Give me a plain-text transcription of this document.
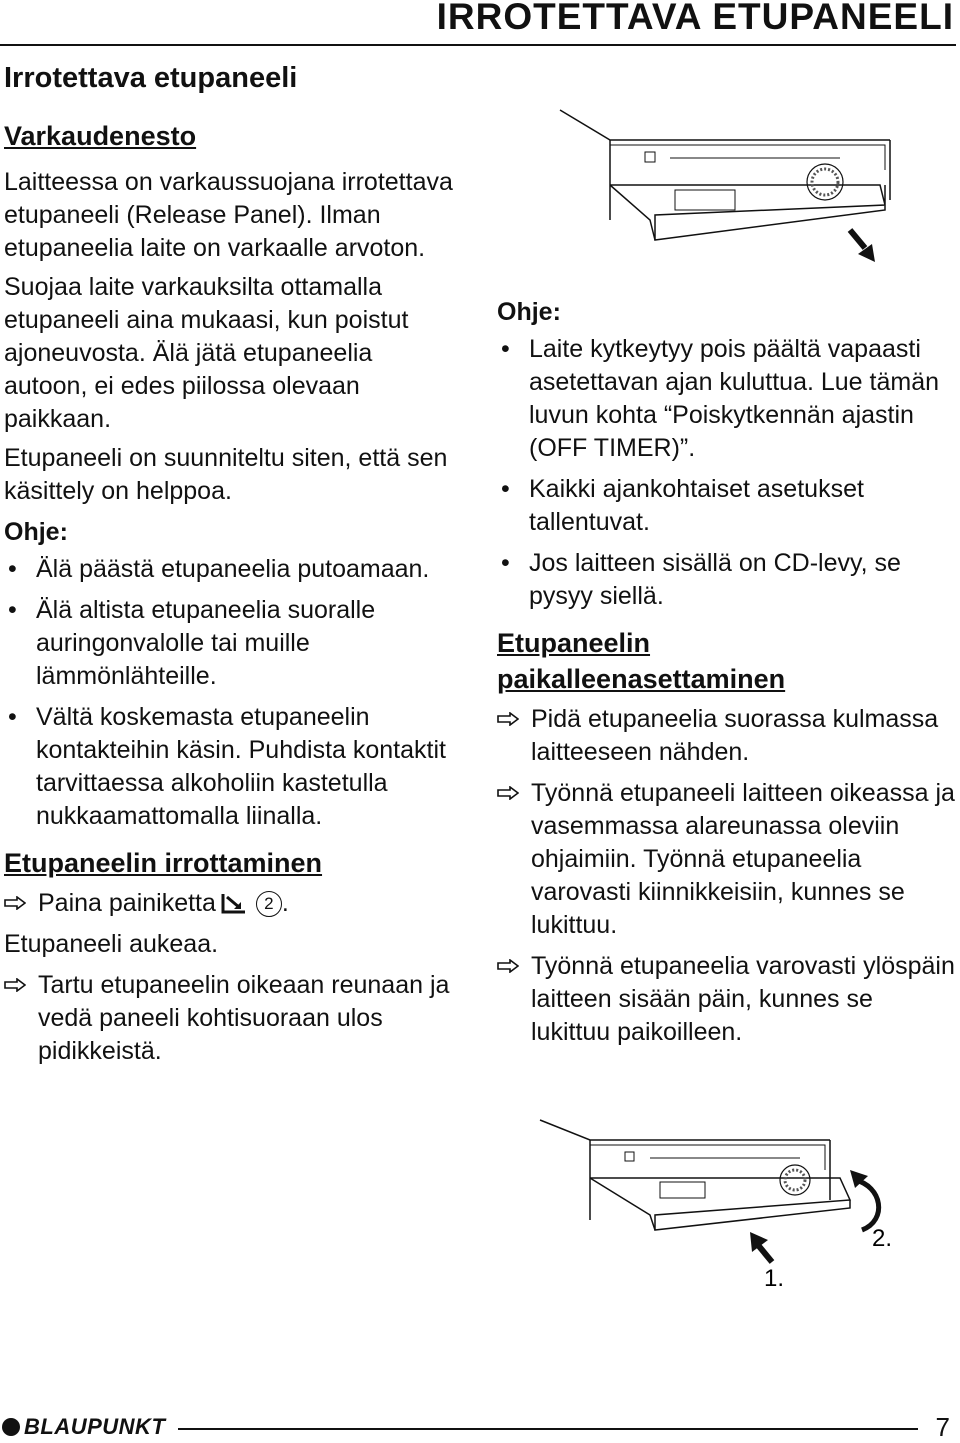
IRROTETTAVA ETUPANEELI
Irrotettava etupaneeli
Varkaudenesto

Laitteessa on varkaussuojana irrotettava etupaneeli (Release Panel). Ilman etupaneelia laite on varkaalle arvoton.

Suojaa laite varkauksilta ottamalla etupaneeli aina mukaasi, kun poistut ajoneuvosta. Älä jätä etupaneelia autoon, ei edes piilossa olevaan paikkaan.

Etupaneeli on suunniteltu siten, että sen käsittely on helppoa.

Ohje:
• Älä päästä etupaneelia putoamaan.
• Älä altista etupaneelia suoralle auringonvalolle tai muille lämmönlähteille.
• Vältä koskemasta etupaneelin kontakteihin käsin. Puhdista kontaktit tarvittaessa alkoholiin kastetulla nukkaamattomalla liinalla.
Etupaneelin irrottaminen
Paina painiketta	2 .

Etupaneeli aukeaa.

Tartu etupaneelin oikeaan reunaan ja vedä paneeli kohtisuoraan ulos pidikkeistä.
Ohje:
• Laite kytkeytyy pois päältä vapaasti asetettavan ajan kuluttua. Lue tämän luvun kohta “Poiskytkennän ajastin (OFF TIMER)”.
• Kaikki ajankohtaiset asetukset tallentuvat.
• Jos laitteen sisällä on CD-levy, se pysyy siellä.
Etupaneelin
paikalleenasettaminen
Pidä etupaneelia suorassa kulmassa laitteeseen nähden.
Työnnä etupaneeli laitteen oikeassa ja vasemmassa alareunassa oleviin ohjaimiin. Työnnä etupaneelia varovasti kiinnikkeisiin, kunnes se lukittuu.
Työnnä etupaneelia varovasti ylöspäin laitteen sisään päin, kunnes se lukittuu paikoilleen.
2.
1.
BLAUPUNKT	7
